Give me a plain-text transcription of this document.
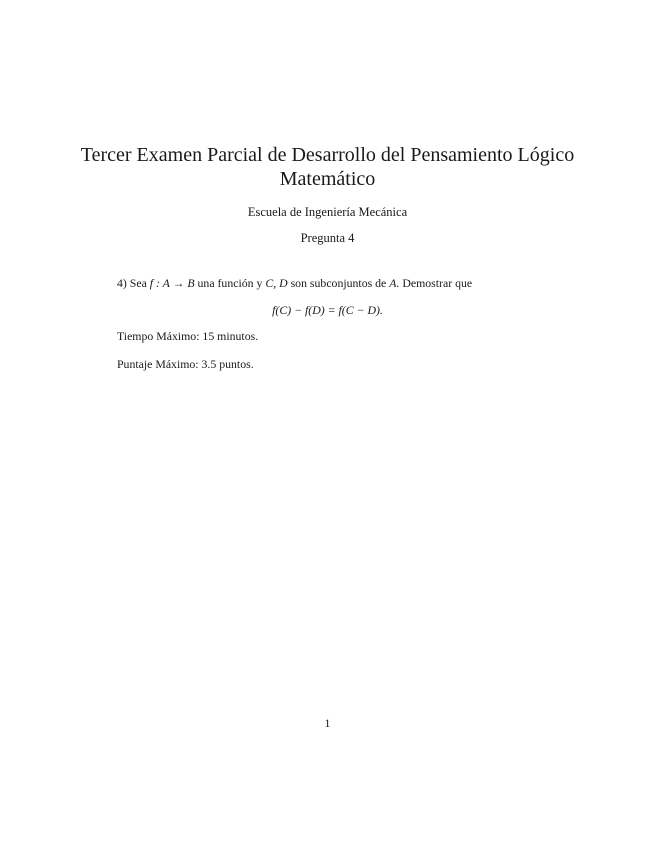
Tercer Examen Parcial de Desarrollo del Pensamiento Lógico
Matemático
Escuela de Ingeniería Mecánica
Pregunta 4
4) Sea f : A → B una función y C, D son subconjuntos de A. Demostrar que
f(C) − f(D) = f(C − D).
Tiempo Máximo: 15 minutos.
Puntaje Máximo: 3.5 puntos.
1
